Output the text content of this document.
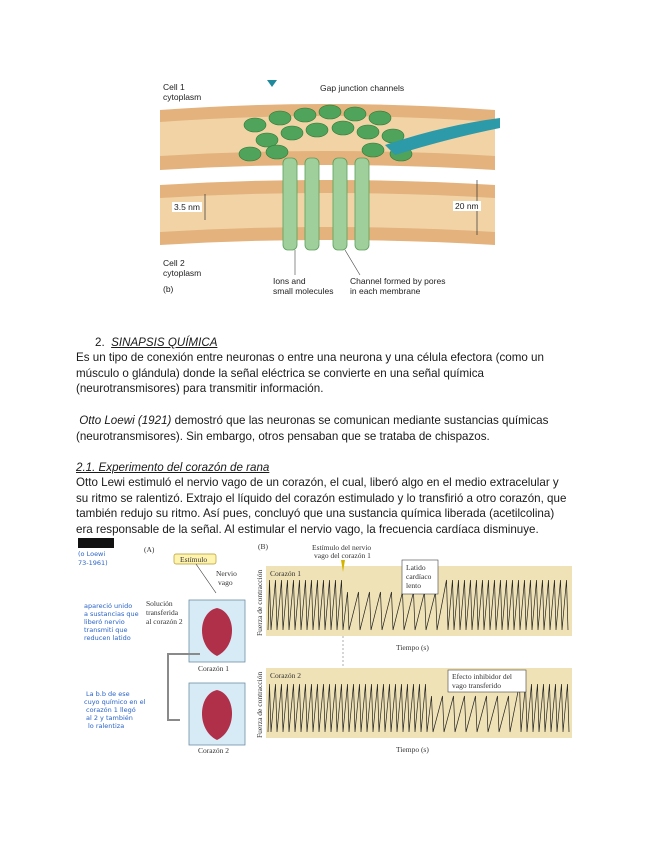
Cell 1
cytoplasm
Gap junction channels
3.5 nm	20 nm
Cell 2
cytoplasm
(b)
Ions and
small molecules
Channel formed by pores
in each membrane
2. SINAPSIS QUÍMICA
Es un tipo de conexión entre neuronas o entre una neurona y una célula efectora (como un
músculo o glándula) donde la señal eléctrica se convierte en una señal química
(neurotransmisores) para transmitir información.
Otto Loewi (1921) demostró que las neuronas se comunican mediante sustancias químicas
(neurotransmisores). Sin embargo, otros pensaban que se trataba de chispazos.
2.1. Experimento del corazón de rana
Otto Lewi estimuló el nervio vago de un corazón, el cual, liberó algo en el medio extracelular y
su ritmo se ralentizó. Extrajo el líquido del corazón estimulado y lo transfirió a otro corazón, que
también redujo su ritmo. Así pues, concluyó que una sustancia química liberada (acetilcolina)
era responsable de la señal. Al estimular el nervio vago, la frecuencia cardíaca disminuye.
(o Loewi
73-1961)
(A)	(B)
Estímulo
Nervio
vago
Solución
transferida
al corazón 2
Corazón 1
Corazón 2
apareció unido
a sustancias que
liberó nervio
transmiti que
reducen latido
La b.b de ese
cuyo químico en el
corazón 1 llegó
al 2 y también
lo ralentiza
Corazón 1
Tiempo (s)
Estímulo del nervio
vago del corazón 1
Latido
cardíaco
lento
Corazón 2
Tiempo (s)
Efecto inhibidor del
vago transferido
Fuerza de contracción
Fuerza de contracción
